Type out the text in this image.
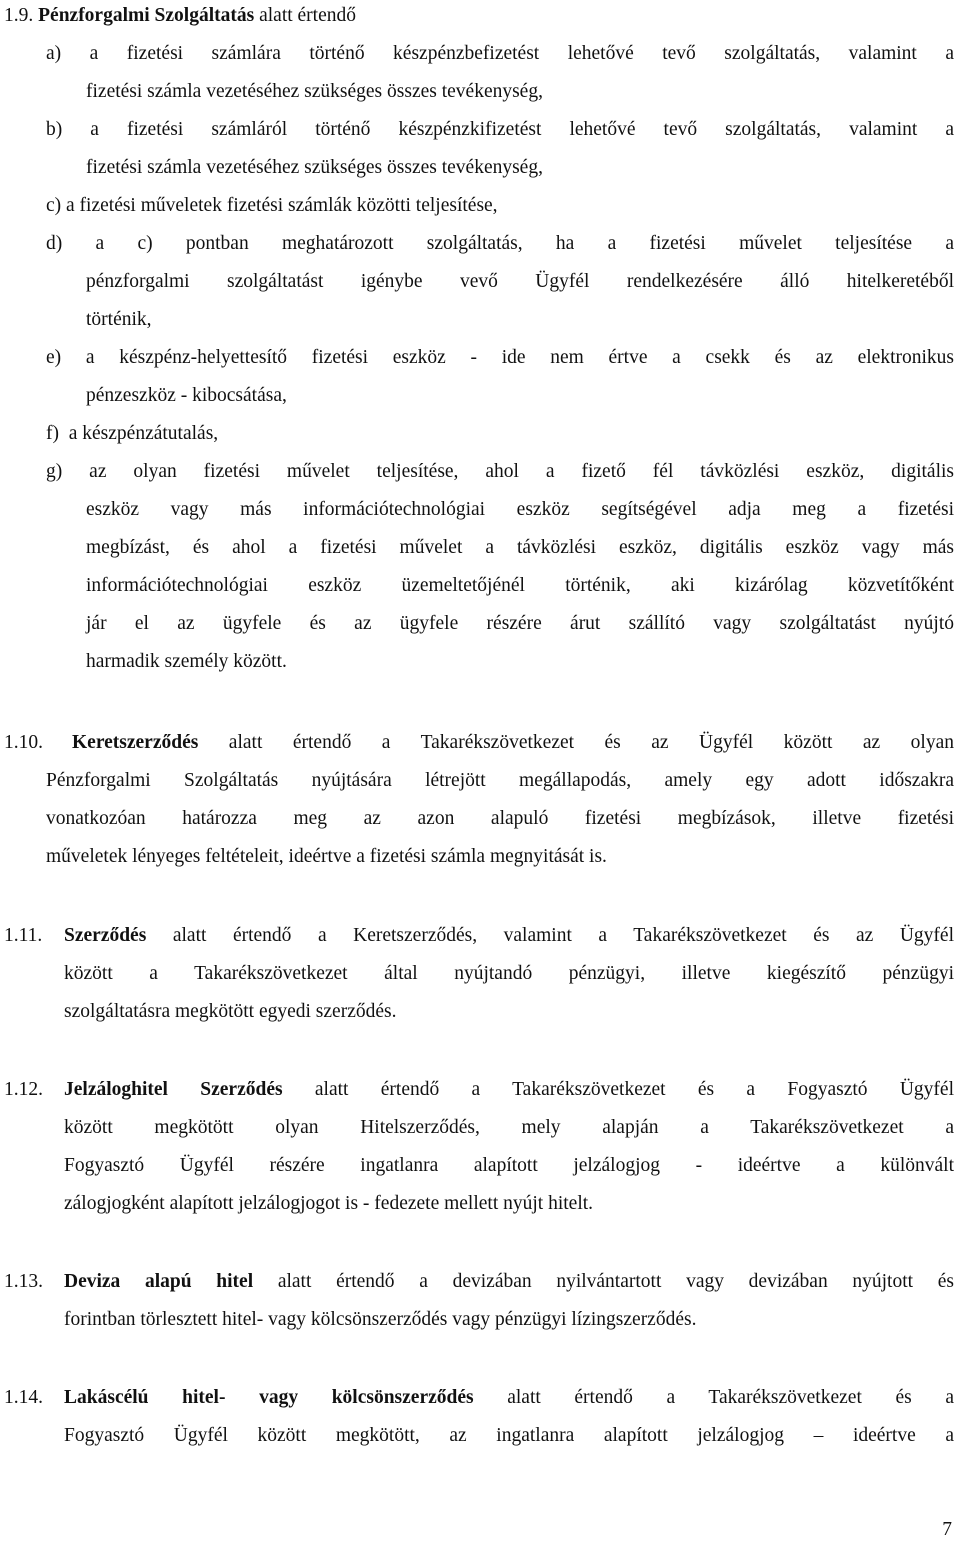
1.9. Pénzforgalmi Szolgáltatás alatt értendő
a) a fizetési számlára történő készpénzbefizetést lehetővé tevő szolgáltatás, valamint a
fizetési számla vezetéséhez szükséges összes tevékenység,
b) a fizetési számláról történő készpénzkifizetést lehetővé tevő szolgáltatás, valamint a
fizetési számla vezetéséhez szükséges összes tevékenység,
c) a fizetési műveletek fizetési számlák közötti teljesítése,
d) a c) pontban meghatározott szolgáltatás, ha a fizetési művelet teljesítése a
pénzforgalmi szolgáltatást igénybe vevő Ügyfél rendelkezésére álló hitelkeretéből
történik,
e) a készpénz-helyettesítő fizetési eszköz - ide nem értve a csekk és az elektronikus
pénzeszköz - kibocsátása,
f)  a készpénzátutalás,
g) az olyan fizetési művelet teljesítése, ahol a fizető fél távközlési eszköz, digitális
eszköz vagy más információtechnológiai eszköz segítségével adja meg a fizetési
megbízást, és ahol a fizetési művelet a távközlési eszköz, digitális eszköz vagy más
információtechnológiai eszköz üzemeltetőjénél történik, aki kizárólag közvetítőként
jár el az ügyfele és az ügyfele részére árut szállító vagy szolgáltatást nyújtó
harmadik személy között.
1.10. Keretszerződés alatt értendő a Takarékszövetkezet és az Ügyfél között az olyan
Pénzforgalmi Szolgáltatás nyújtására létrejött megállapodás, amely egy adott időszakra
vonatkozóan határozza meg az azon alapuló fizetési megbízások, illetve fizetési
műveletek lényeges feltételeit, ideértve a fizetési számla megnyitását is.
1.11. Szerződés alatt értendő a Keretszerződés, valamint a Takarékszövetkezet és az Ügyfél
között a Takarékszövetkezet által nyújtandó pénzügyi, illetve kiegészítő pénzügyi
szolgáltatásra megkötött egyedi szerződés.
1.12. Jelzáloghitel Szerződés alatt értendő a Takarékszövetkezet és a Fogyasztó Ügyfél
között megkötött olyan Hitelszerződés, mely alapján a Takarékszövetkezet a
Fogyasztó Ügyfél részére ingatlanra alapított jelzálogjog - ideértve a különvált
zálogjogként alapított jelzálogjogot is - fedezete mellett nyújt hitelt.
1.13. Deviza alapú hitel alatt értendő a devizában nyilvántartott vagy devizában nyújtott és
forintban törlesztett hitel- vagy kölcsönszerződés vagy pénzügyi lízingszerződés.
1.14. Lakáscélú hitel- vagy kölcsönszerződés alatt értendő a Takarékszövetkezet és a
Fogyasztó Ügyfél között megkötött, az ingatlanra alapított jelzálogjog – ideértve a
7
